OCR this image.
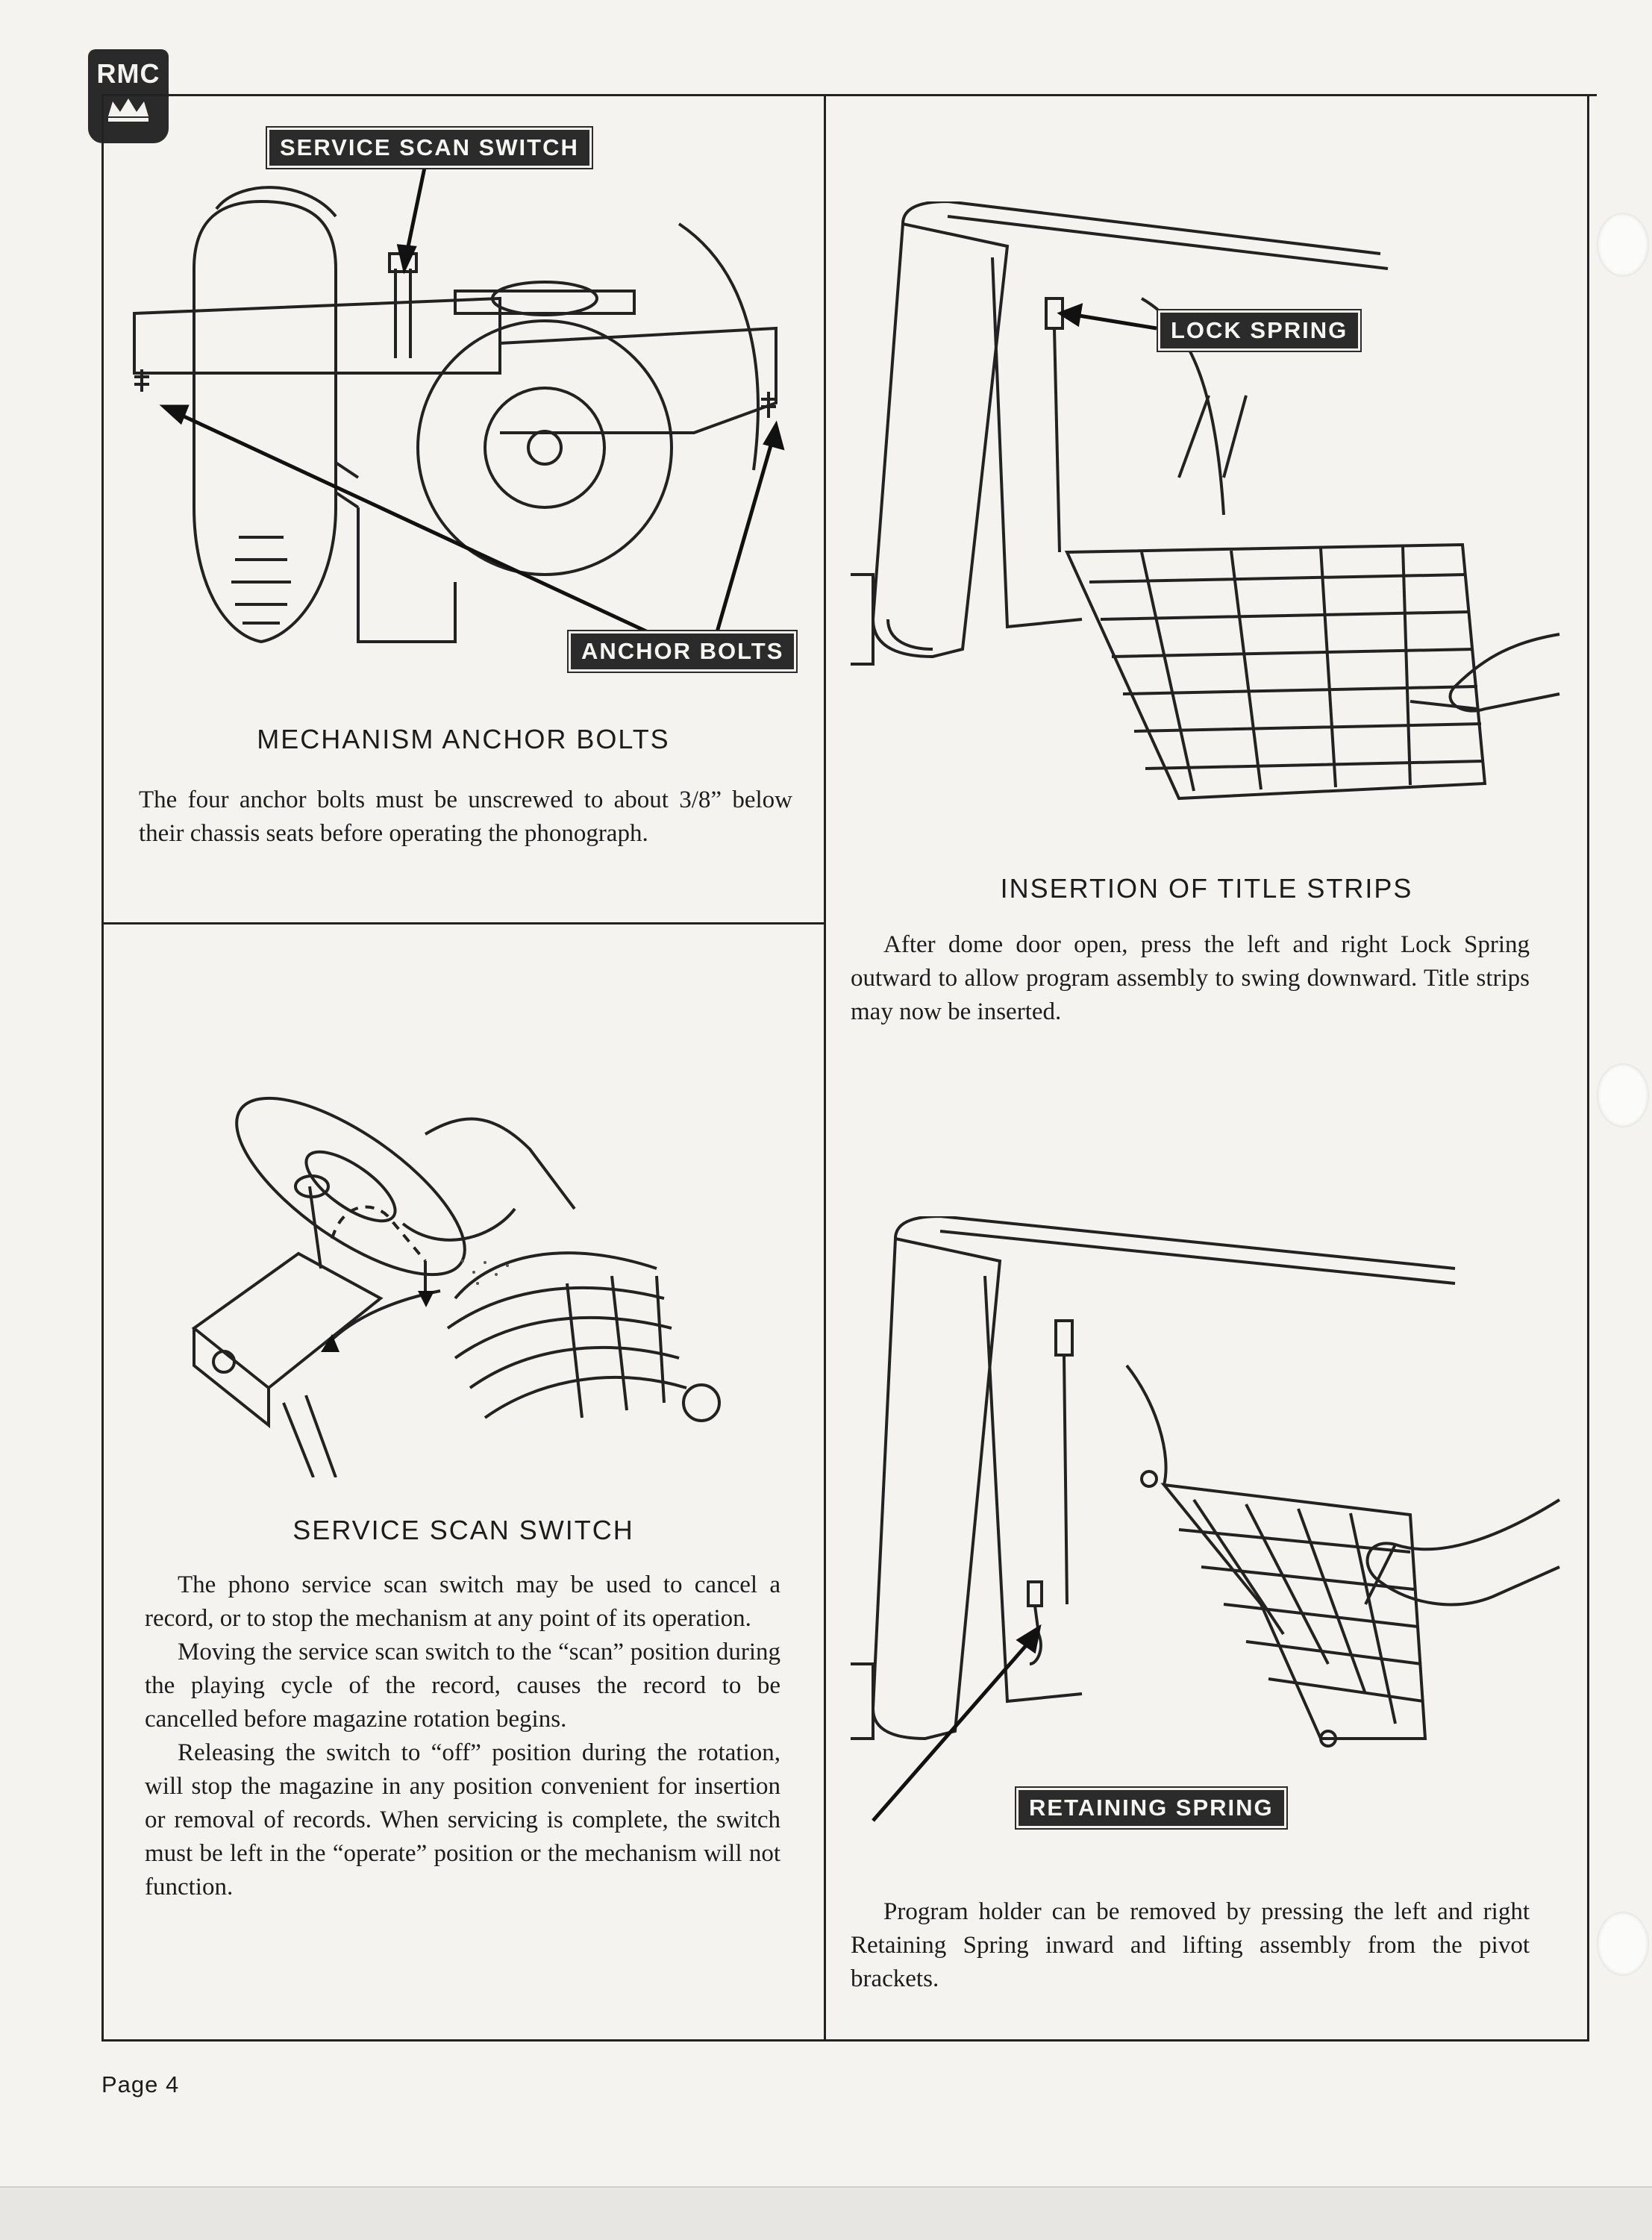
RMC
SERVICE SCAN SWITCH
ANCHOR BOLTS
MECHANISM ANCHOR BOLTS

The four anchor bolts must be unscrewed to about 3/8” below their chassis seats before operating the phonograph.

LOCK SPRING
INSERTION OF TITLE STRIPS

After dome door open, press the left and right Lock Spring outward to allow program assembly to swing downward. Title strips may now be inserted.

SERVICE SCAN SWITCH

The phono service scan switch may be used to cancel a record, or to stop the mechanism at any point of its operation.

Moving the service scan switch to the “scan” position during the playing cycle of the record, causes the record to be cancelled before magazine rotation begins.

Releasing the switch to “off” position during the rotation, will stop the magazine in any position convenient for insertion or removal of records. When servicing is complete, the switch must be left in the “operate” position or the mechanism will not function.

RETAINING SPRING

Program holder can be removed by pressing the left and right Retaining Spring inward and lifting assembly from the pivot brackets.

Page 4
